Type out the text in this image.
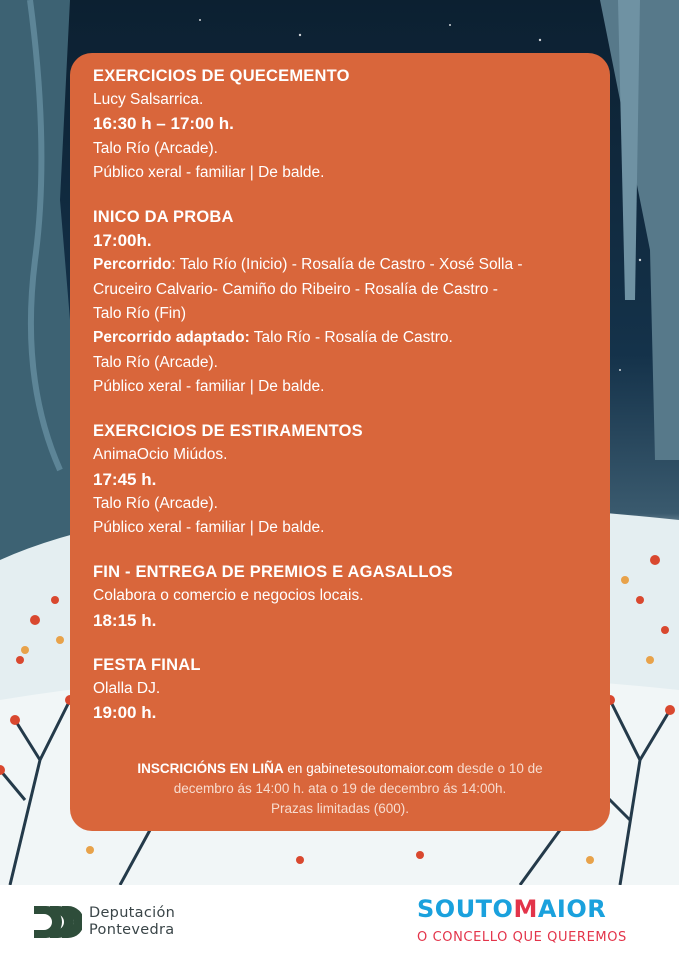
EXERCICIOS DE QUECEMENTO
Lucy Salsarrica.
16:30 h – 17:00 h.
Talo Río (Arcade).
Público xeral - familiar | De balde.
INICO DA PROBA
17:00h.
Percorrido: Talo Río (Inicio) - Rosalía de Castro - Xosé Solla -
Cruceiro Calvario- Camiño do Ribeiro - Rosalía de Castro -
Talo Río (Fin)
Percorrido adaptado: Talo Río - Rosalía de Castro.
Talo Río (Arcade).
Público xeral - familiar | De balde.
EXERCICIOS DE ESTIRAMENTOS
AnimaOcio Miúdos.
17:45 h.
Talo Río (Arcade).
Público xeral - familiar | De balde.
FIN - ENTREGA DE PREMIOS E AGASALLOS
Colabora o comercio e negocios locais.
18:15 h.
FESTA FINAL
Olalla DJ.
19:00 h.
INSCRICIÓNS EN LIÑA en gabinetesoutomaior.com desde o 10 de
decembro ás 14:00 h. ata o 19 de decembro ás 14:00h.
Prazas limitadas (600).
Deputación
Pontevedra
SOUTOMAIOR
O CONCELLO QUE QUEREMOS
